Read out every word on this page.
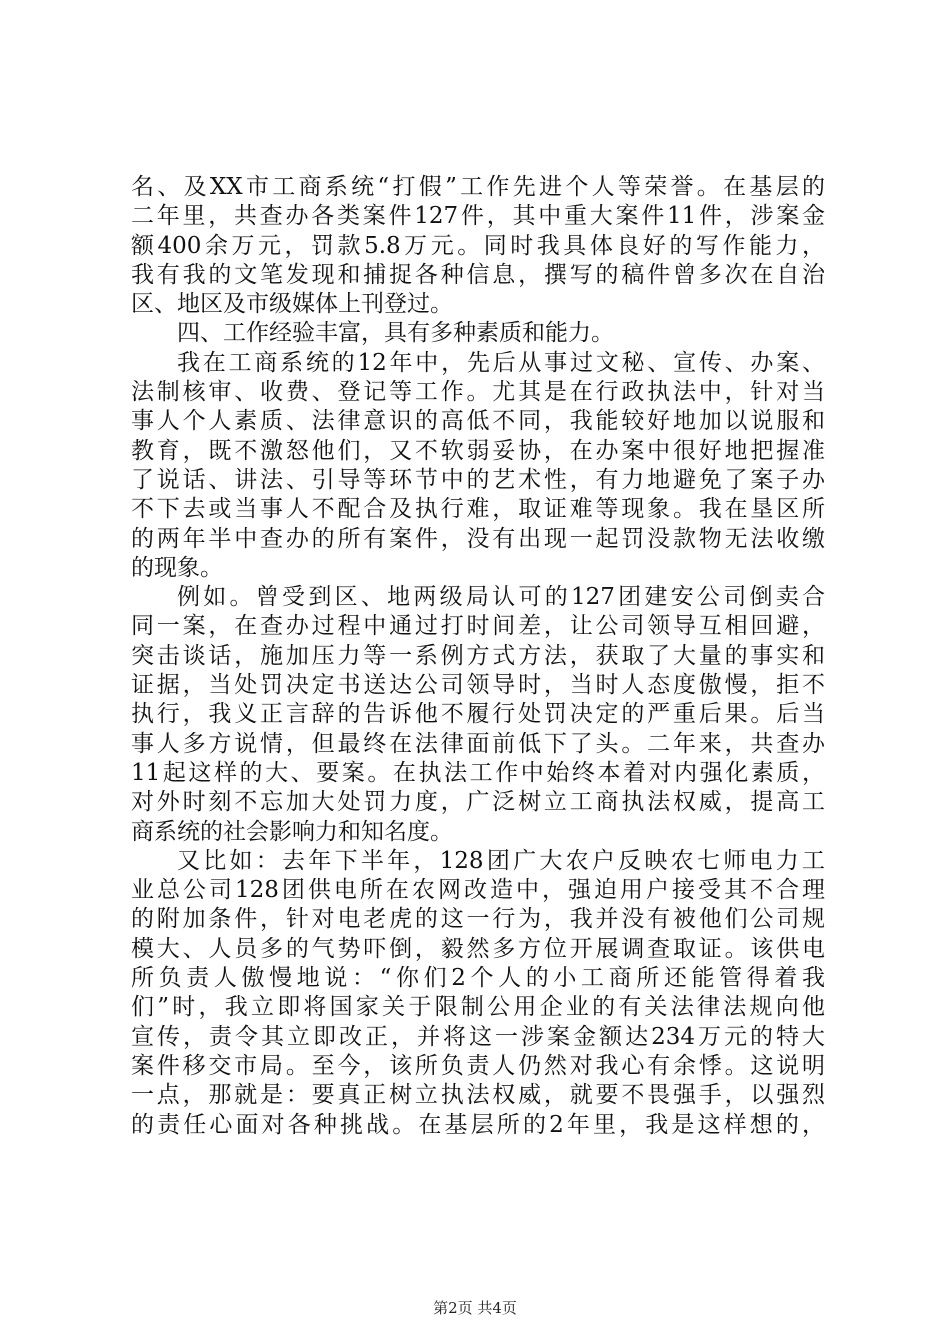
名、及XX市工商系统“打假”工作先进个人等荣誉。在基层的
二年里，共查办各类案件127件，其中重大案件11件，涉案金
额400余万元，罚款5.8万元。同时我具体良好的写作能力，
我有我的文笔发现和捕捉各种信息，撰写的稿件曾多次在自治
区、地区及市级媒体上刊登过。
四、工作经验丰富，具有多种素质和能力。
我在工商系统的12年中，先后从事过文秘、宣传、办案、
法制核审、收费、登记等工作。尤其是在行政执法中，针对当
事人个人素质、法律意识的高低不同，我能较好地加以说服和
教育，既不激怒他们，又不软弱妥协，在办案中很好地把握准
了说话、讲法、引导等环节中的艺术性，有力地避免了案子办
不下去或当事人不配合及执行难，取证难等现象。我在垦区所
的两年半中查办的所有案件，没有出现一起罚没款物无法收缴
的现象。
例如。曾受到区、地两级局认可的127团建安公司倒卖合
同一案，在查办过程中通过打时间差，让公司领导互相回避，
突击谈话，施加压力等一系例方式方法，获取了大量的事实和
证据，当处罚决定书送达公司领导时，当时人态度傲慢，拒不
执行，我义正言辞的告诉他不履行处罚决定的严重后果。后当
事人多方说情，但最终在法律面前低下了头。二年来，共查办
11起这样的大、要案。在执法工作中始终本着对内强化素质，
对外时刻不忘加大处罚力度，广泛树立工商执法权威，提高工
商系统的社会影响力和知名度。
又比如：去年下半年，128团广大农户反映农七师电力工
业总公司128团供电所在农网改造中，强迫用户接受其不合理
的附加条件，针对电老虎的这一行为，我并没有被他们公司规
模大、人员多的气势吓倒，毅然多方位开展调查取证。该供电
所负责人傲慢地说：“你们2个人的小工商所还能管得着我
们”时，我立即将国家关于限制公用企业的有关法律法规向他
宣传，责令其立即改正，并将这一涉案金额达234万元的特大
案件移交市局。至今，该所负责人仍然对我心有余悸。这说明
一点，那就是：要真正树立执法权威，就要不畏强手，以强烈
的责任心面对各种挑战。在基层所的2年里，我是这样想的，
第2页 共4页
